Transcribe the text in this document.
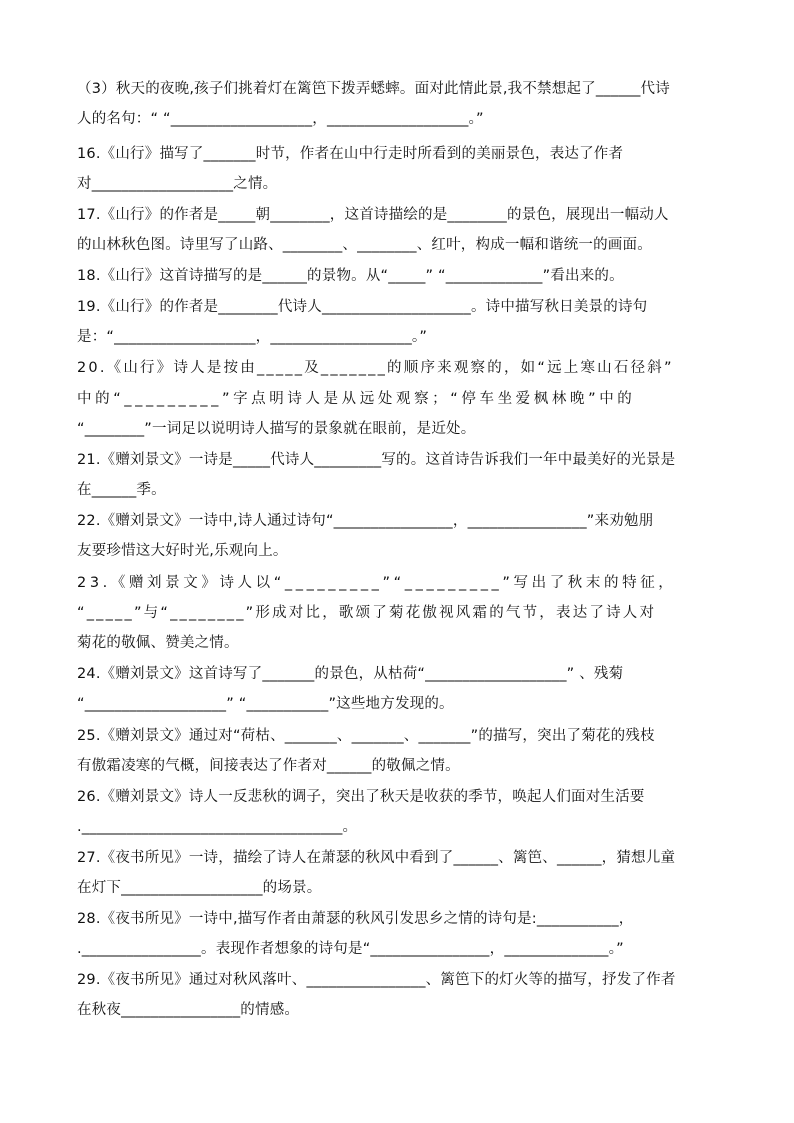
（3）秋天的夜晚,孩子们挑着灯在篱笆下拨弄蟋蟀。面对此情此景,我不禁想起了______代诗
人的名句：“ “___________________，___________________。”
16.《山行》描写了_______时节，作者在山中行走时所看到的美丽景色，表达了作者
对___________________之情。
17.《山行》的作者是_____朝________，这首诗描绘的是________的景色，展现出一幅动人
的山林秋色图。诗里写了山路、________、________、红叶，构成一幅和谐统一的画面。
18.《山行》这首诗描写的是______的景物。从“_____” “_____________”看出来的。
19.《山行》的作者是________代诗人____________________。诗中描写秋日美景的诗句
是：“___________________，___________________。”
20.《山行》诗人是按由_____及_______的顺序来观察的，如“远上寒山石径斜”
中的“_________”字点明诗人是从远处观察；“停车坐爱枫林晚”中的
“________”一词足以说明诗人描写的景象就在眼前，是近处。
21.《赠刘景文》一诗是_____代诗人_________写的。这首诗告诉我们一年中最美好的光景是
在______季。
22.《赠刘景文》一诗中,诗人通过诗句“________________，________________”来劝勉朋
友要珍惜这大好时光,乐观向上。
23.《赠刘景文》诗人以“_________”“_________”写出了秋末的特征，
“_____”与“________”形成对比，歌颂了菊花傲视风霜的气节，表达了诗人对
菊花的敬佩、赞美之情。
24.《赠刘景文》这首诗写了_______的景色，从枯荷“___________________” 、残菊
“___________________” “___________”这些地方发现的。
25.《赠刘景文》通过对“荷枯、_______、_______、_______”的描写，突出了菊花的残枝
有傲霜凌寒的气概，间接表达了作者对______的敬佩之情。
26.《赠刘景文》诗人一反悲秋的调子，突出了秋天是收获的季节，唤起人们面对生活要
.___________________________________。
27.《夜书所见》一诗，描绘了诗人在萧瑟的秋风中看到了______、篱笆、______，猜想儿童
在灯下___________________的场景。
28.《夜书所见》一诗中,描写作者由萧瑟的秋风引发思乡之情的诗句是:___________，
.________________。表现作者想象的诗句是“________________，______________。”
29.《夜书所见》通过对秋风落叶、________________、篱笆下的灯火等的描写，抒发了作者
在秋夜________________的情感。
